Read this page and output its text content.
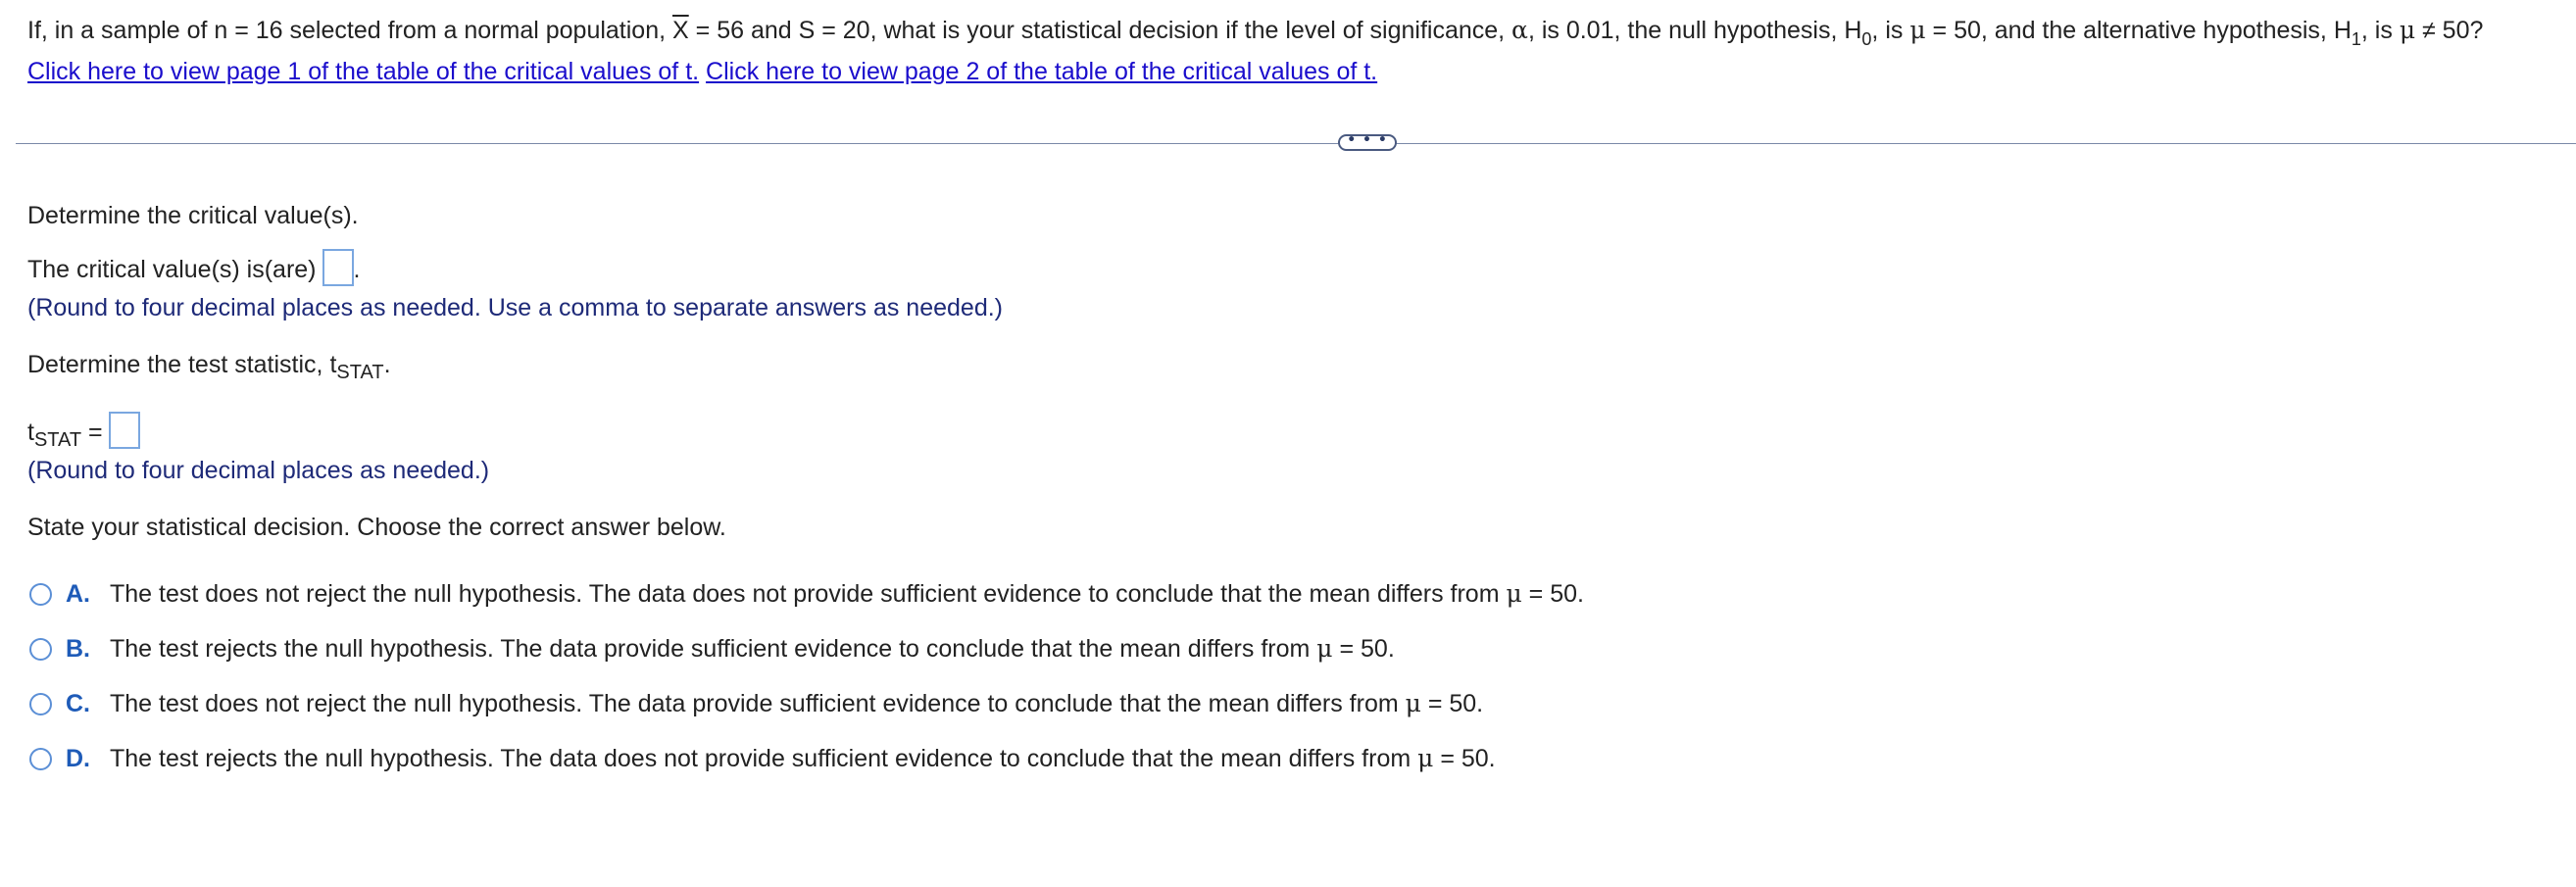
If, in a sample of n = 16 selected from a normal population, $\overline{X} = 56$ and S = 20, what is your statistical decision if the level of significance, α, is 0.01, the null hypothesis, $H_0$, is μ = 50, and the alternative hypothesis, $H_1$, is μ ≠ 50?
Click here to view page 1 of the table of the critical values of t. Click here to view page 2 of the table of the critical values of t.
• • •
Determine the critical value(s).
The critical value(s) is(are) .
(Round to four decimal places as needed. Use a comma to separate answers as needed.)
Determine the test statistic, $t_{STAT}$.
$t_{STAT}$ =
(Round to four decimal places as needed.)
State your statistical decision. Choose the correct answer below.
A. The test does not reject the null hypothesis. The data does not provide sufficient evidence to conclude that the mean differs from μ = 50.
B. The test rejects the null hypothesis. The data provide sufficient evidence to conclude that the mean differs from μ = 50.
C. The test does not reject the null hypothesis. The data provide sufficient evidence to conclude that the mean differs from μ = 50.
D. The test rejects the null hypothesis. The data does not provide sufficient evidence to conclude that the mean differs from μ = 50.
